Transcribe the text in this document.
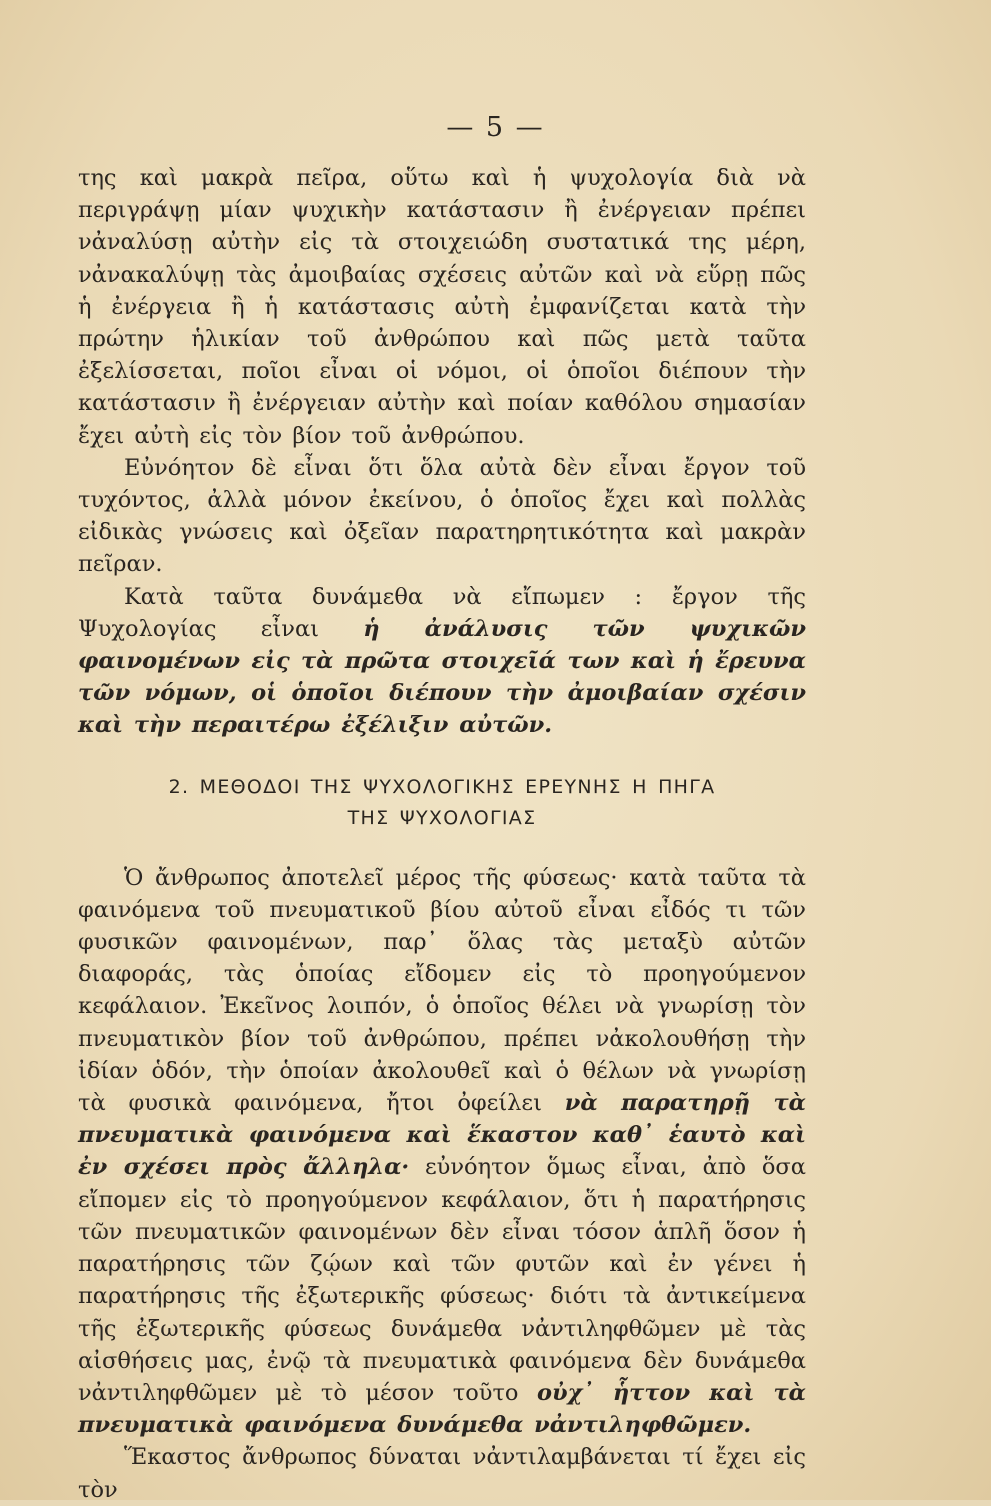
— 5 —

της καὶ μακρὰ πεῖρα, οὕτω καὶ ἡ ψυχολογία διὰ νὰ περιγράψῃ μίαν ψυχικὴν κατάστασιν ἢ ἐνέργειαν πρέπει νἀναλύσῃ αὐτὴν εἰς τὰ στοιχειώδη συστατικά της μέρη, νἀνακαλύψῃ τὰς ἀμοιβαίας σχέσεις αὐτῶν καὶ νὰ εὕρῃ πῶς ἡ ἐνέργεια ἢ ἡ κατάστασις αὐτὴ ἐμφανίζεται κατὰ τὴν πρώτην ἡλικίαν τοῦ ἀνθρώπου καὶ πῶς μετὰ ταῦτα ἐξελίσσεται, ποῖοι εἶναι οἱ νόμοι, οἱ ὁποῖοι διέπουν τὴν κατάστασιν ἢ ἐνέργειαν αὐτὴν καὶ ποίαν καθόλου σημασίαν ἔχει αὐτὴ εἰς τὸν βίον τοῦ ἀνθρώπου.

Εὐνόητον δὲ εἶναι ὅτι ὅλα αὐτὰ δὲν εἶναι ἔργον τοῦ τυχόντος, ἀλλὰ μόνον ἐκείνου, ὁ ὁποῖος ἔχει καὶ πολλὰς εἰδικὰς γνώσεις καὶ ὀξεῖαν παρατηρητικότητα καὶ μακρὰν πεῖραν.

Κατὰ ταῦτα δυνάμεθα νὰ εἴπωμεν : ἔργον τῆς Ψυχολογίας εἶναι ἡ ἀνάλυσις τῶν ψυχικῶν φαινομένων εἰς τὰ πρῶτα στοιχεῖά των καὶ ἡ ἔρευνα τῶν νόμων, οἱ ὁποῖοι διέπουν τὴν ἀμοιβαίαν σχέσιν καὶ τὴν περαιτέρω ἐξέλιξιν αὐτῶν.

2. ΜΕΘΟΔΟΙ ΤΗΣ ΨΥΧΟΛΟΓΙΚΗΣ ΕΡΕΥΝΗΣ Η ΠΗΓΑ
ΤΗΣ ΨΥΧΟΛΟΓΙΑΣ

Ὁ ἄνθρωπος ἀποτελεῖ μέρος τῆς φύσεως· κατὰ ταῦτα τὰ φαινόμενα τοῦ πνευματικοῦ βίου αὐτοῦ εἶναι εἶδός τι τῶν φυσικῶν φαινομένων, παρ᾿ ὅλας τὰς μεταξὺ αὐτῶν διαφοράς, τὰς ὁποίας εἴδομεν εἰς τὸ προηγούμενον κεφάλαιον. Ἐκεῖνος λοιπόν, ὁ ὁποῖος θέλει νὰ γνωρίσῃ τὸν πνευματικὸν βίον τοῦ ἀνθρώπου, πρέπει νἀκολουθήσῃ τὴν ἰδίαν ὁδόν, τὴν ὁποίαν ἀκολουθεῖ καὶ ὁ θέλων νὰ γνωρίσῃ τὰ φυσικὰ φαινόμενα, ἤτοι ὀφείλει νὰ παρατηρῇ τὰ πνευματικὰ φαινόμενα καὶ ἕκαστον καθ᾿ ἑαυτὸ καὶ ἐν σχέσει πρὸς ἄλληλα· εὐνόητον ὅμως εἶναι, ἀπὸ ὅσα εἴπομεν εἰς τὸ προηγούμενον κεφάλαιον, ὅτι ἡ παρατήρησις τῶν πνευματικῶν φαινομένων δὲν εἶναι τόσον ἁπλῆ ὅσον ἡ παρατήρησις τῶν ζῴων καὶ τῶν φυτῶν καὶ ἐν γένει ἡ παρατήρησις τῆς ἐξωτερικῆς φύσεως· διότι τὰ ἀντικείμενα τῆς ἐξωτερικῆς φύσεως δυνάμεθα νἀντιληφθῶμεν μὲ τὰς αἰσθήσεις μας, ἐνῷ τὰ πνευματικὰ φαινόμενα δὲν δυνάμεθα νἀντιληφθῶμεν μὲ τὸ μέσον τοῦτο οὐχ᾿ ἧττον καὶ τὰ πνευματικὰ φαινόμενα δυνάμεθα νἀντιληφθῶμεν.

Ἕκαστος ἄνθρωπος δύναται νἀντιλαμβάνεται τί ἔχει εἰς τὸν
